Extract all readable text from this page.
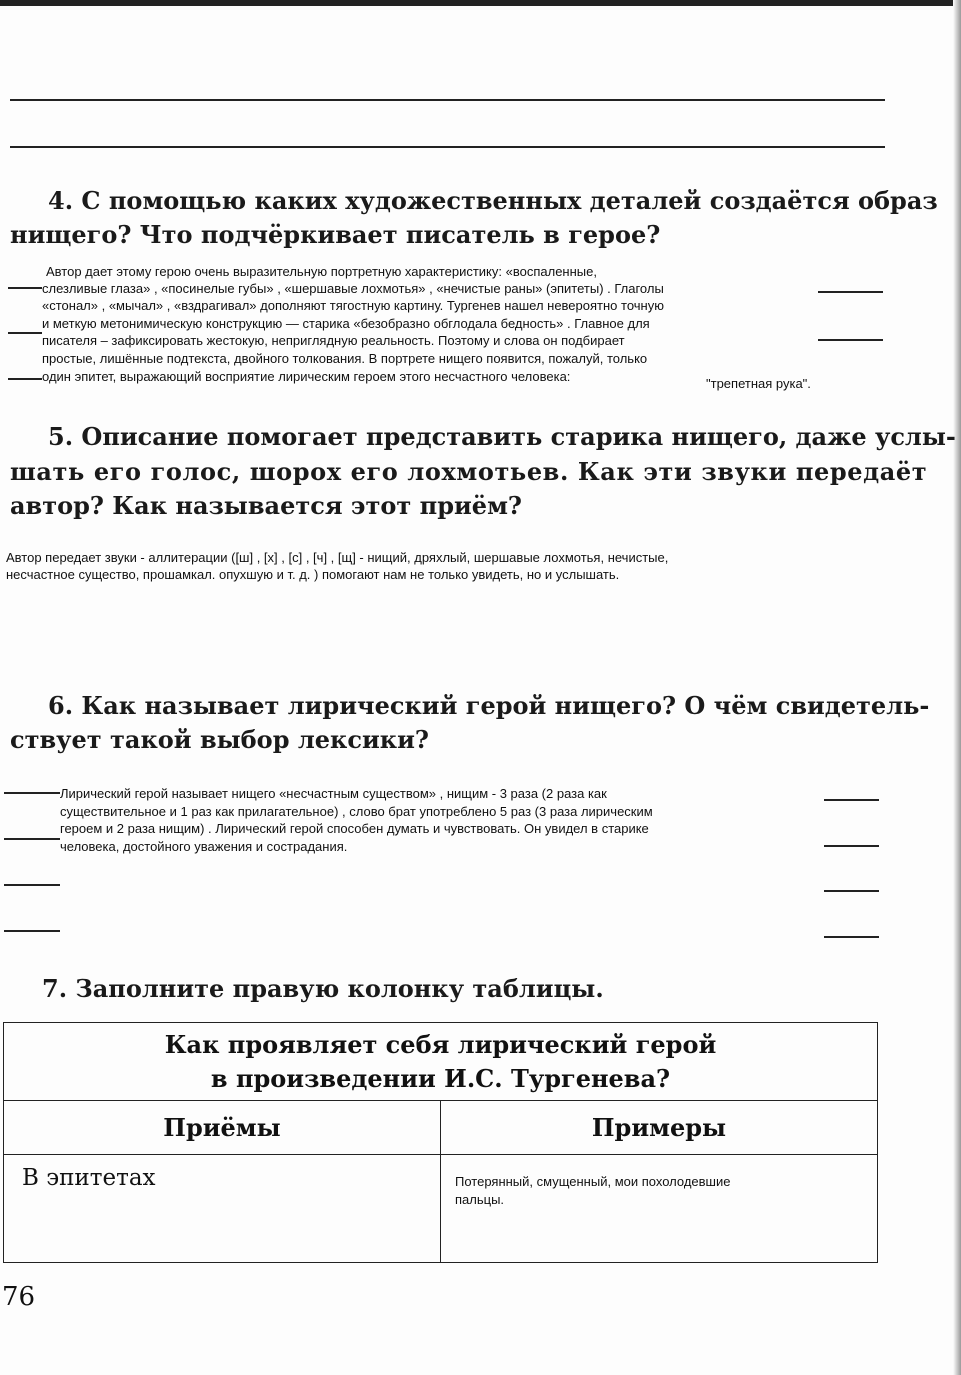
4. С помощью каких художественных деталей создаётся образ
нищего? Что подчёркивает писатель в герое?
Автор дает этому герою очень выразительную портретную характеристику: «воспаленные,
слезливые глаза» , «посинелые губы» , «шершавые лохмотья» , «нечистые раны» (эпитеты) . Глаголы
«стонал» , «мычал» , «вздрагивал» дополняют тягостную картину. Тургенев нашел невероятно точную
и меткую метонимическую конструкцию — старика «безобразно обглодала бедность» . Главное для
писателя – зафиксировать жестокую, неприглядную реальность. Поэтому и слова он подбирает
простые, лишённые подтекста, двойного толкования. В портрете нищего появится, пожалуй, только
один эпитет, выражающий восприятие лирическим героем этого несчастного человека:	"трепетная рука".
5. Описание помогает представить старика нищего, даже услы-
шать его голос, шорох его лохмотьев. Как эти звуки передаёт
автор? Как называется этот приём?
Автор передает звуки - аллитерации ([ш] , [х] , [с] , [ч] , [щ] - нищий, дряхлый, шершавые лохмотья, нечистые,
несчастное существо, прошамкал. опухшую и т. д. ) помогают нам не только увидеть, но и услышать.
6. Как называет лирический герой нищего? О чём свидетель-
ствует такой выбор лексики?
Лирический герой называет нищего «несчастным существом» , нищим - 3 раза (2 раза как
существительное и 1 раз как прилагательное) , слово брат употреблено 5 раз (3 раза лирическим
героем и 2 раза нищим) . Лирический герой способен думать и чувствовать. Он увидел в старике
человека, достойного уважения и сострадания.
7. Заполните правую колонку таблицы.
Как проявляет себя лирический герой
в произведении И.С. Тургенева?	

Приёмы	Примеры
В эпитетах	Потерянный, смущенный, мои похолодевшие
пальцы.
76
